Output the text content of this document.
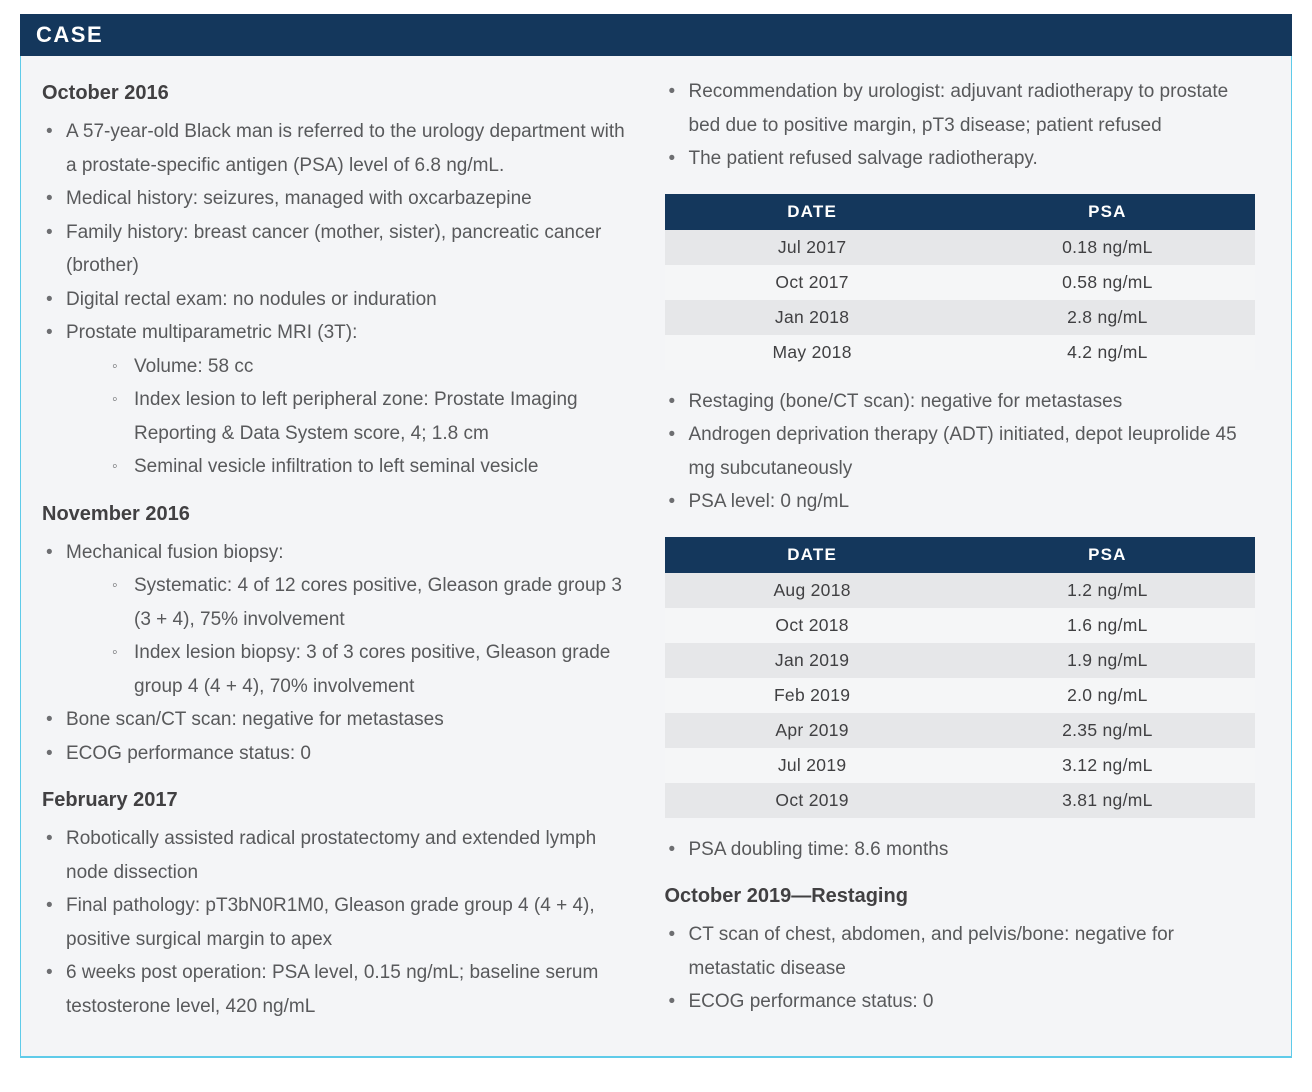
CASE
October 2016
• A 57-year-old Black man is referred to the urology department with a prostate-specific antigen (PSA) level of 6.8 ng/mL.
• Medical history: seizures, managed with oxcarbazepine
• Family history: breast cancer (mother, sister), pancreatic cancer (brother)
• Digital rectal exam: no nodules or induration
• Prostate multiparametric MRI (3T):
◦ Volume: 58 cc
◦ Index lesion to left peripheral zone: Prostate Imaging Reporting & Data System score, 4; 1.8 cm
◦ Seminal vesicle infiltration to left seminal vesicle
November 2016
• Mechanical fusion biopsy:
◦ Systematic: 4 of 12 cores positive, Gleason grade group 3 (3 + 4), 75% involvement
◦ Index lesion biopsy: 3 of 3 cores positive, Gleason grade group 4 (4 + 4), 70% involvement
• Bone scan/CT scan: negative for metastases
• ECOG performance status: 0
February 2017
• Robotically assisted radical prostatectomy and extended lymph node dissection
• Final pathology: pT3bN0R1M0, Gleason grade group 4 (4 + 4), positive surgical margin to apex
• 6 weeks post operation: PSA level, 0.15 ng/mL; baseline serum testosterone level, 420 ng/mL
• Recommendation by urologist: adjuvant radiotherapy to prostate bed due to positive margin, pT3 disease; patient refused
• The patient refused salvage radiotherapy.
DATE	PSA
Jul 2017	0.18 ng/mL
Oct 2017	0.58 ng/mL
Jan 2018	2.8 ng/mL
May 2018	4.2 ng/mL
• Restaging (bone/CT scan): negative for metastases
• Androgen deprivation therapy (ADT) initiated, depot leuprolide 45 mg subcutaneously
• PSA level: 0 ng/mL
DATE	PSA
Aug 2018	1.2 ng/mL
Oct 2018	1.6 ng/mL
Jan 2019	1.9 ng/mL
Feb 2019	2.0 ng/mL
Apr 2019	2.35 ng/mL
Jul 2019	3.12 ng/mL
Oct 2019	3.81 ng/mL
• PSA doubling time: 8.6 months
October 2019—Restaging
• CT scan of chest, abdomen, and pelvis/bone: negative for metastatic disease
• ECOG performance status: 0
